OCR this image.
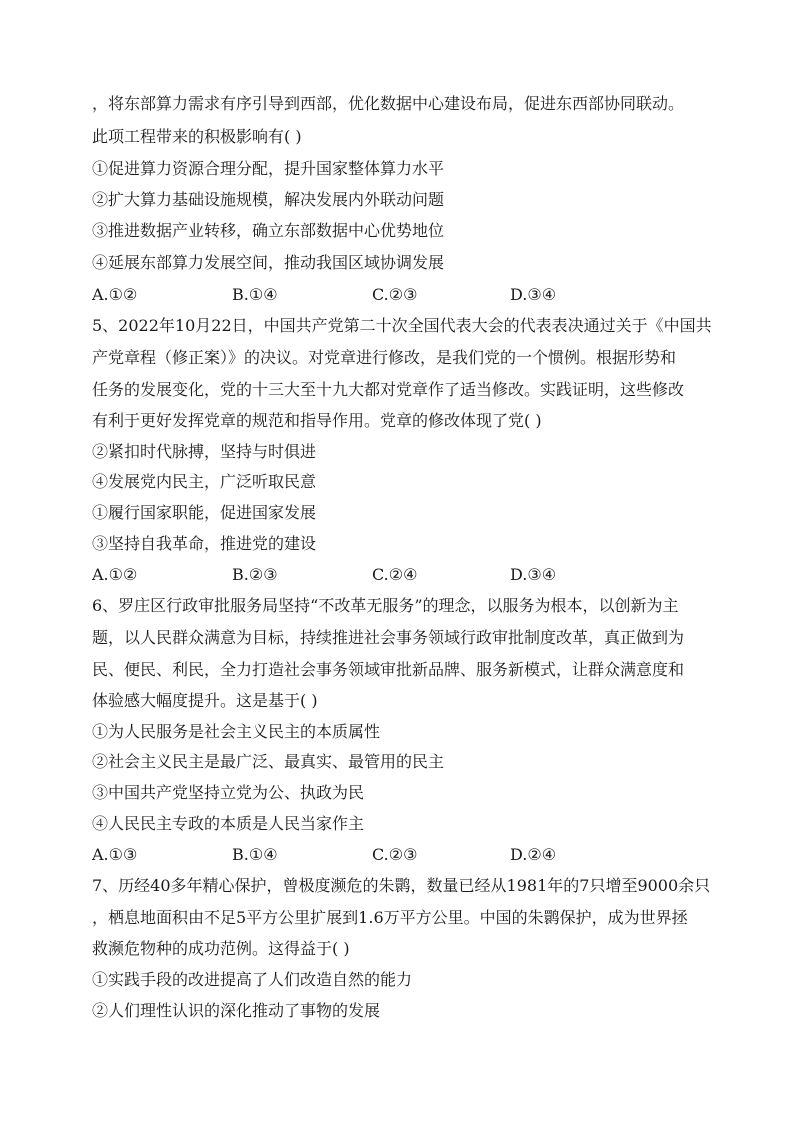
，将东部算力需求有序引导到西部，优化数据中心建设布局，促进东西部协同联动。
此项工程带来的积极影响有( )
①促进算力资源合理分配，提升国家整体算力水平
②扩大算力基础设施规模，解决发展内外联动问题
③推进数据产业转移，确立东部数据中心优势地位
④延展东部算力发展空间，推动我国区域协调发展
A.①②	B.①④	C.②③	D.③④
5、2022年10月22日，中国共产党第二十次全国代表大会的代表表决通过关于《中国共
产党章程（修正案）》的决议。对党章进行修改，是我们党的一个惯例。根据形势和
任务的发展变化，党的十三大至十九大都对党章作了适当修改。实践证明，这些修改
有利于更好发挥党章的规范和指导作用。党章的修改体现了党( )
②紧扣时代脉搏，坚持与时俱进
④发展党内民主，广泛听取民意
①履行国家职能，促进国家发展
③坚持自我革命，推进党的建设
A.①②	B.②③	C.②④	D.③④
6、罗庄区行政审批服务局坚持“不改革无服务”的理念，以服务为根本，以创新为主
题，以人民群众满意为目标，持续推进社会事务领域行政审批制度改革，真正做到为
民、便民、利民，全力打造社会事务领域审批新品牌、服务新模式，让群众满意度和
体验感大幅度提升。这是基于( )
①为人民服务是社会主义民主的本质属性
②社会主义民主是最广泛、最真实、最管用的民主
③中国共产党坚持立党为公、执政为民
④人民民主专政的本质是人民当家作主
A.①③	B.①④	C.②③	D.②④
7、历经40多年精心保护，曾极度濒危的朱鹮，数量已经从1981年的7只增至9000余只
，栖息地面积由不足5平方公里扩展到1.6万平方公里。中国的朱鹮保护，成为世界拯
救濒危物种的成功范例。这得益于( )
①实践手段的改进提高了人们改造自然的能力
②人们理性认识的深化推动了事物的发展
